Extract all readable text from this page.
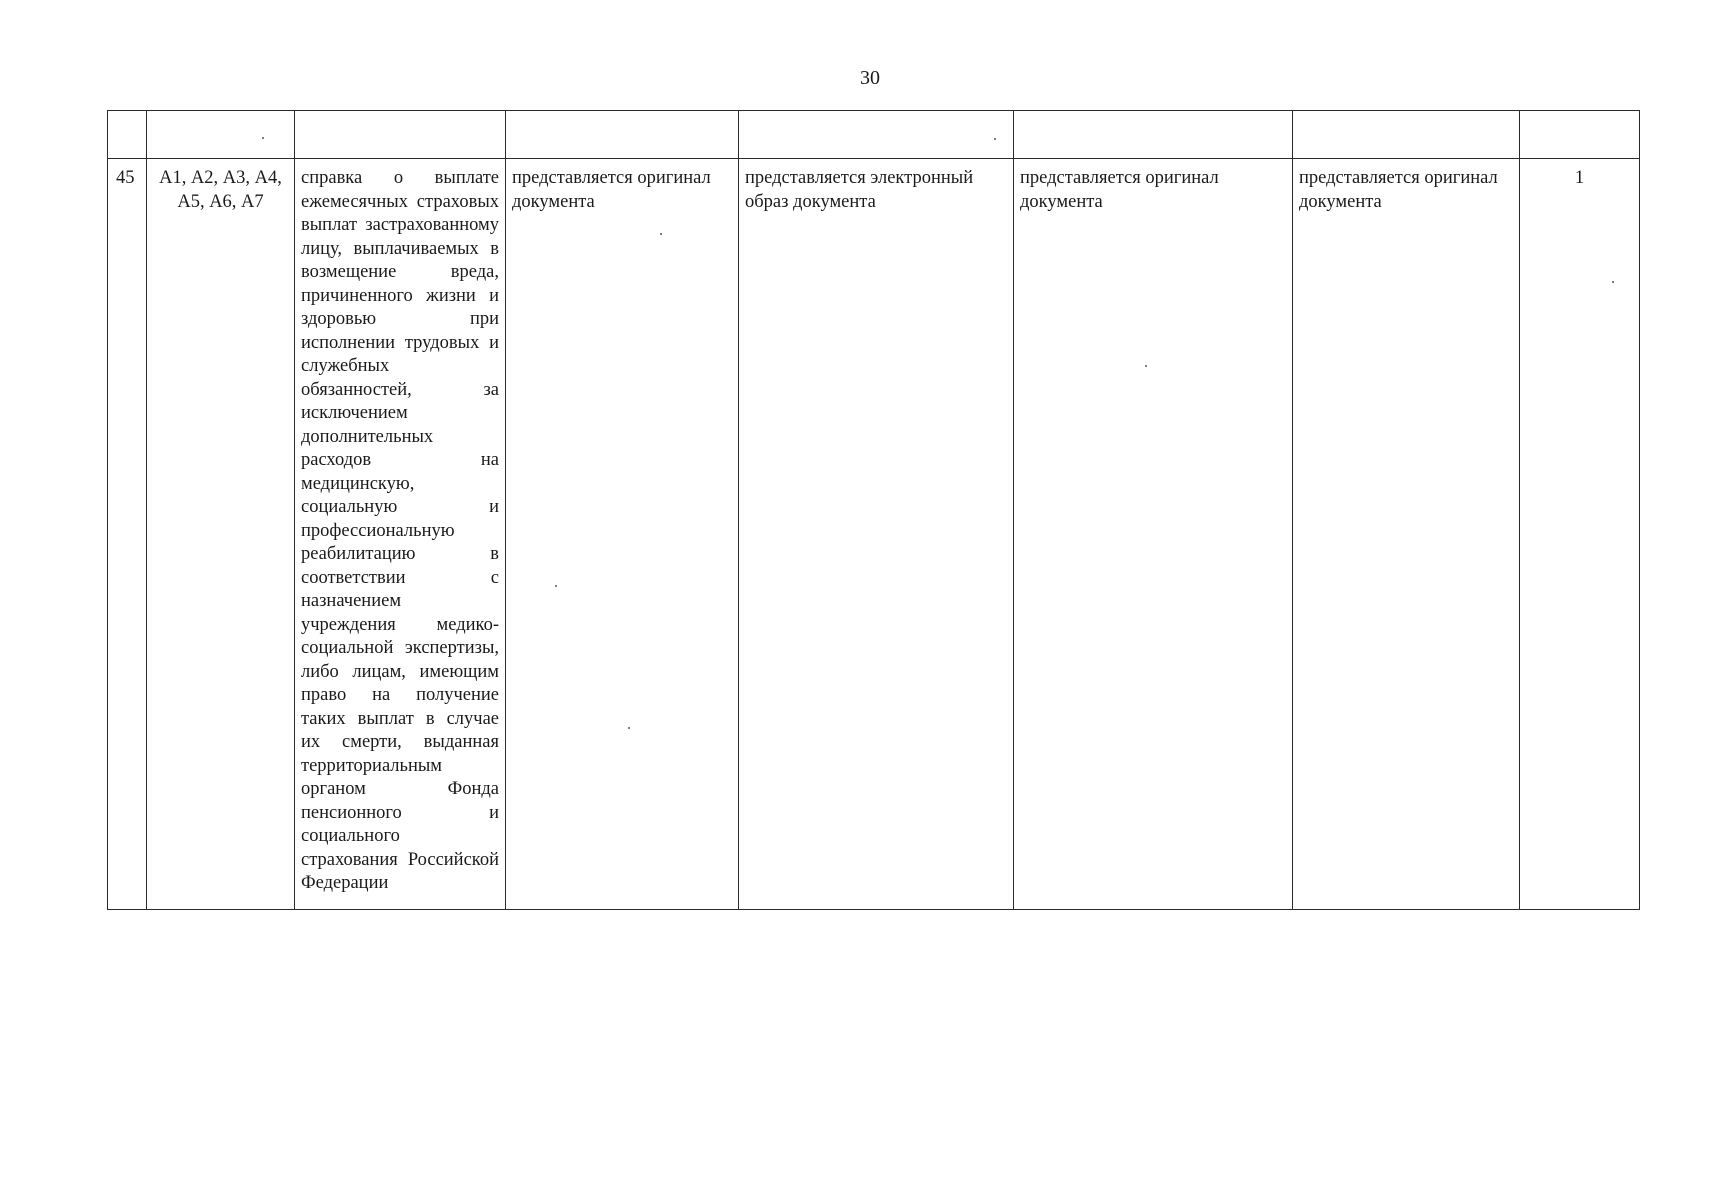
30

45	А1, А2, А3, А4, А5, А6, А7	справка о выплате ежемесячных страховых выплат застрахованному лицу, выплачиваемых в возмещение вреда, причиненного жизни и здоровью при исполнении трудовых и служебных обязанностей, за исключением дополнительных расходов на медицинскую, социальную и профессиональную реабилитацию в соответствии с назначением учреждения медико-социальной экспертизы, либо лицам, имеющим право на получение таких выплат в случае их смерти, выданная территориальным органом Фонда пенсионного и социального страхования Российской Федерации	представляется оригинал документа	представляется электронный образ документа	представляется оригинал документа	представляется оригинал документа	1
